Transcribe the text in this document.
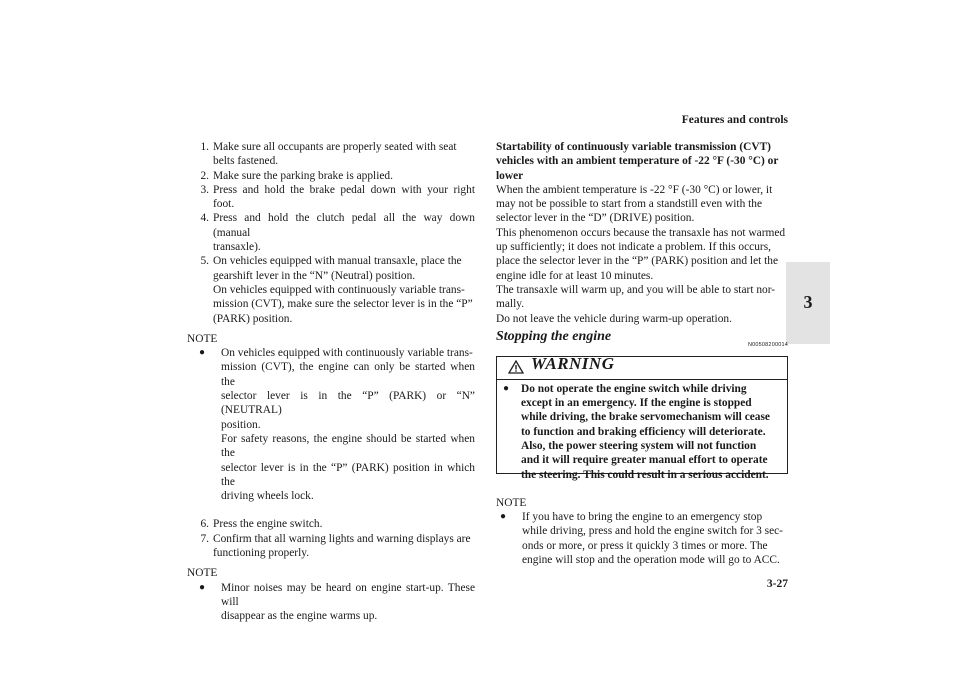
Features and controls
3
3-27
1. Make sure all occupants are properly seated with seat
belts fastened.
2. Make sure the parking brake is applied.
3. Press and hold the brake pedal down with your right foot.
4. Press and hold the clutch pedal all the way down (manual
transaxle).
5. On vehicles equipped with manual transaxle, place the
gearshift lever in the “N” (Neutral) position.
On vehicles equipped with continuously variable trans-
mission (CVT), make sure the selector lever is in the “P”
(PARK) position.
NOTE
●	On vehicles equipped with continuously variable trans-
mission (CVT), the engine can only be started when the
selector lever is in the “P” (PARK) or “N” (NEUTRAL)
position.
For safety reasons, the engine should be started when the
selector lever is in the “P” (PARK) position in which the
driving wheels lock.
6. Press the engine switch.
7. Confirm that all warning lights and warning displays are
functioning properly.
NOTE
●	Minor noises may be heard on engine start-up. These will
disappear as the engine warms up.

Startability of continuously variable transmission (CVT)

vehicles with an ambient temperature of -22 °F (-30 °C) or

lower

When the ambient temperature is -22 °F (-30 °C) or lower, it

may not be possible to start from a standstill even with the

selector lever in the “D” (DRIVE) position.

This phenomenon occurs because the transaxle has not warmed

up sufficiently; it does not indicate a problem. If this occurs,

place the selector lever in the “P” (PARK) position and let the

engine idle for at least 10 minutes.

The transaxle will warm up, and you will be able to start nor-

mally.

Do not leave the vehicle during warm-up operation.

Stopping the engine
N00508200014
WARNING
●	Do not operate the engine switch while driving
except in an emergency. If the engine is stopped
while driving, the brake servomechanism will cease
to function and braking efficiency will deteriorate.
Also, the power steering system will not function
and it will require greater manual effort to operate
the steering. This could result in a serious accident.
NOTE
●	If you have to bring the engine to an emergency stop
while driving, press and hold the engine switch for 3 sec-
onds or more, or press it quickly 3 times or more. The
engine will stop and the operation mode will go to ACC.
